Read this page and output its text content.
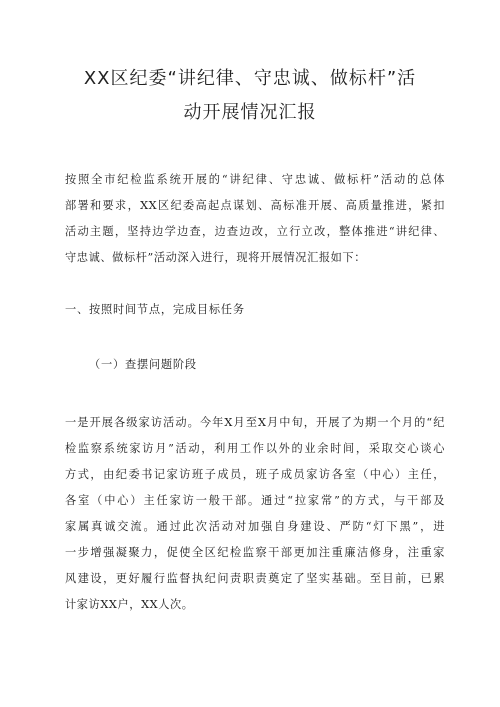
XX区纪委“讲纪律、守忠诚、做标杆”活
动开展情况汇报
按照全市纪检监系统开展的“讲纪律、守忠诚、做标杆”活动的总体
部署和要求，XX区纪委高起点谋划、高标准开展、高质量推进，紧扣
活动主题，坚持边学边查，边查边改，立行立改，整体推进“讲纪律、
守忠诚、做标杆”活动深入进行，现将开展情况汇报如下：
一、按照时间节点，完成目标任务
（一）查摆问题阶段
一是开展各级家访活动。今年X月至X月中旬，开展了为期一个月的“纪
检监察系统家访月”活动，利用工作以外的业余时间，采取交心谈心
方式，由纪委书记家访班子成员，班子成员家访各室（中心）主任，
各室（中心）主任家访一般干部。通过“拉家常”的方式，与干部及
家属真诚交流。通过此次活动对加强自身建设、严防“灯下黑”，进
一步增强凝聚力，促使全区纪检监察干部更加注重廉洁修身，注重家
风建设，更好履行监督执纪问责职责奠定了坚实基础。至目前，已累
计家访XX户，XX人次。
